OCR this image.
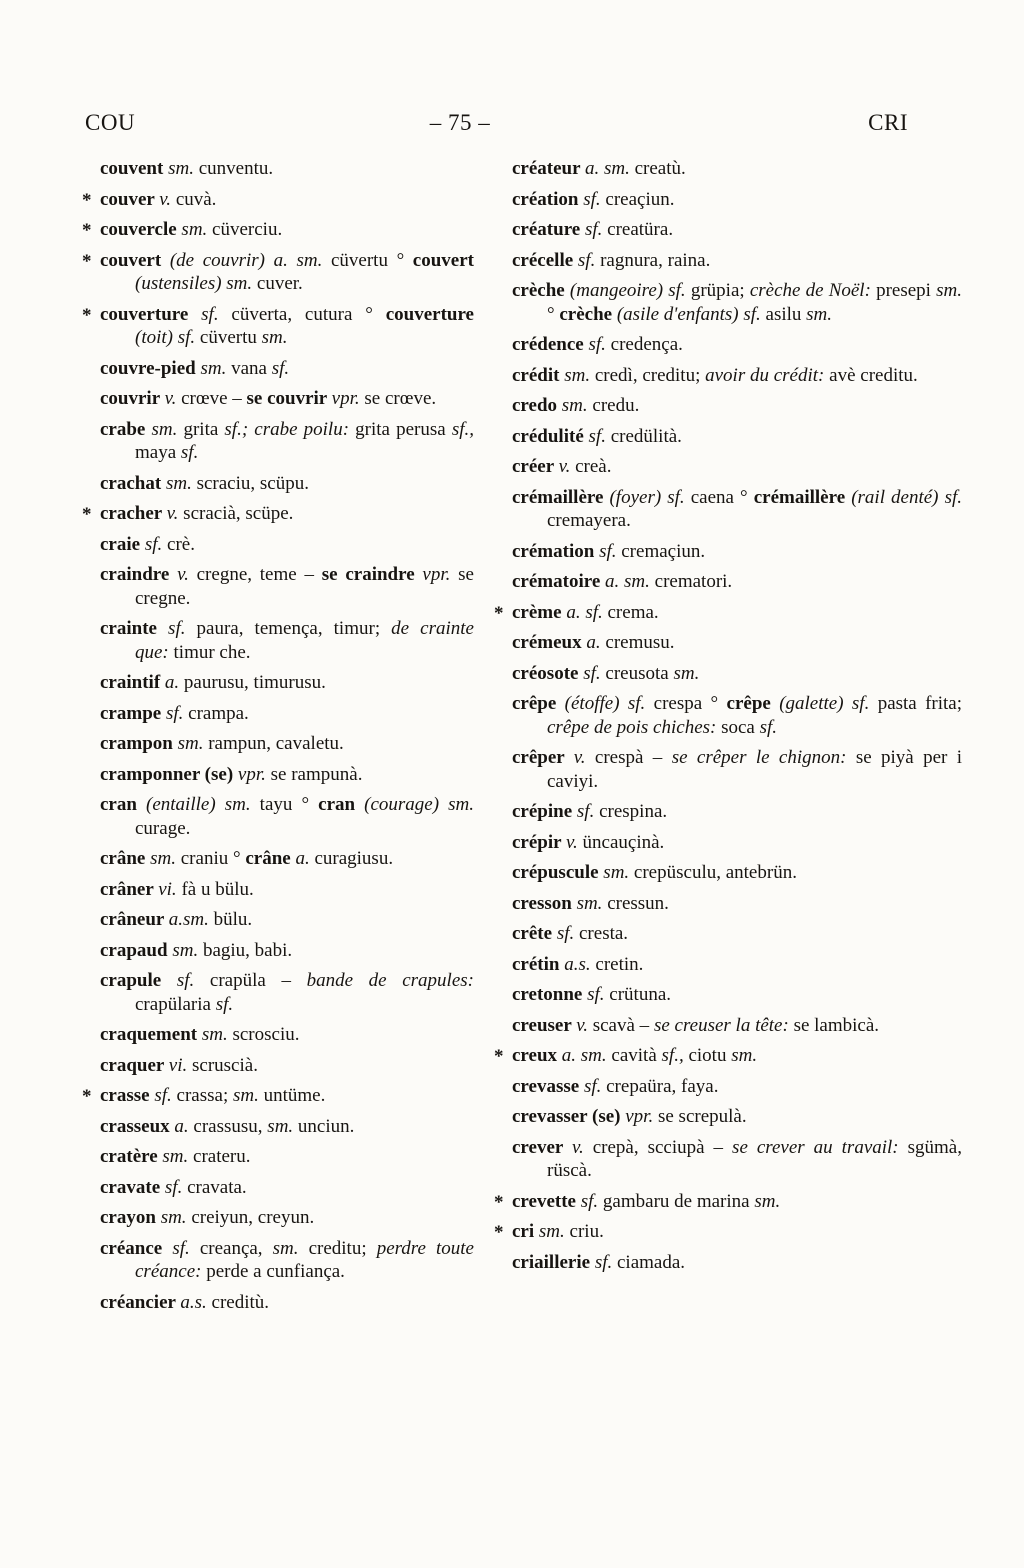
COU	– 75 –	CRI
couvent sm. cunventu.
* couver v. cuvà.
* couvercle sm. cüverciu.
* couvert (de couvrir) a. sm. cüvertu ° couvert (ustensiles) sm. cuver.
* couverture sf. cüverta, cutura ° couverture (toit) sf. cüvertu sm.
couvre-pied sm. vana sf.
couvrir v. crœve – se couvrir vpr. se crœve.
crabe sm. grita sf.; crabe poilu: grita perusa sf., maya sf.
crachat sm. scraciu, scüpu.
* cracher v. scracià, scüpe.
craie sf. crè.
craindre v. cregne, teme – se craindre vpr. se cregne.
crainte sf. paura, temença, timur; de crainte que: timur che.
craintif a. paurusu, timurusu.
crampe sf. crampa.
crampon sm. rampun, cavaletu.
cramponner (se) vpr. se rampunà.
cran (entaille) sm. tayu ° cran (courage) sm. curage.
crâne sm. craniu ° crâne a. curagiusu.
crâner vi. fà u bülu.
crâneur a.sm. bülu.
crapaud sm. bagiu, babi.
crapule sf. crapüla – bande de crapules: crapülaria sf.
craquement sm. scrosciu.
craquer vi. scruscià.
* crasse sf. crassa; sm. untüme.
crasseux a. crassusu, sm. unciun.
cratère sm. crateru.
cravate sf. cravata.
crayon sm. creiyun, creyun.
créance sf. creança, sm. creditu; perdre toute créance: perde a cunfiança.
créancier a.s. creditù.
créateur a. sm. creatù.
création sf. creaçiun.
créature sf. creatüra.
crécelle sf. ragnura, raina.
crèche (mangeoire) sf. grüpia; crèche de Noël: presepi sm. ° crèche (asile d'enfants) sf. asilu sm.
crédence sf. credença.
crédit sm. credì, creditu; avoir du crédit: avè creditu.
credo sm. credu.
crédulité sf. credülità.
créer v. creà.
crémaillère (foyer) sf. caena ° crémaillère (rail denté) sf. cremayera.
crémation sf. cremaçiun.
crématoire a. sm. crematori.
* crème a. sf. crema.
crémeux a. cremusu.
créosote sf. creusota sm.
crêpe (étoffe) sf. crespa ° crêpe (galette) sf. pasta frita; crêpe de pois chiches: soca sf.
crêper v. crespà – se crêper le chignon: se piyà per i caviyi.
crépine sf. crespina.
crépir v. üncauçinà.
crépuscule sm. crepüsculu, antebrün.
cresson sm. cressun.
crête sf. cresta.
crétin a.s. cretin.
cretonne sf. crütuna.
creuser v. scavà – se creuser la tête: se lambicà.
* creux a. sm. cavità sf., ciotu sm.
crevasse sf. crepaüra, faya.
crevasser (se) vpr. se screpulà.
crever v. crepà, scciupà – se crever au travail: sgümà, rüscà.
* crevette sf. gambaru de marina sm.
* cri sm. criu.
criaillerie sf. ciamada.
